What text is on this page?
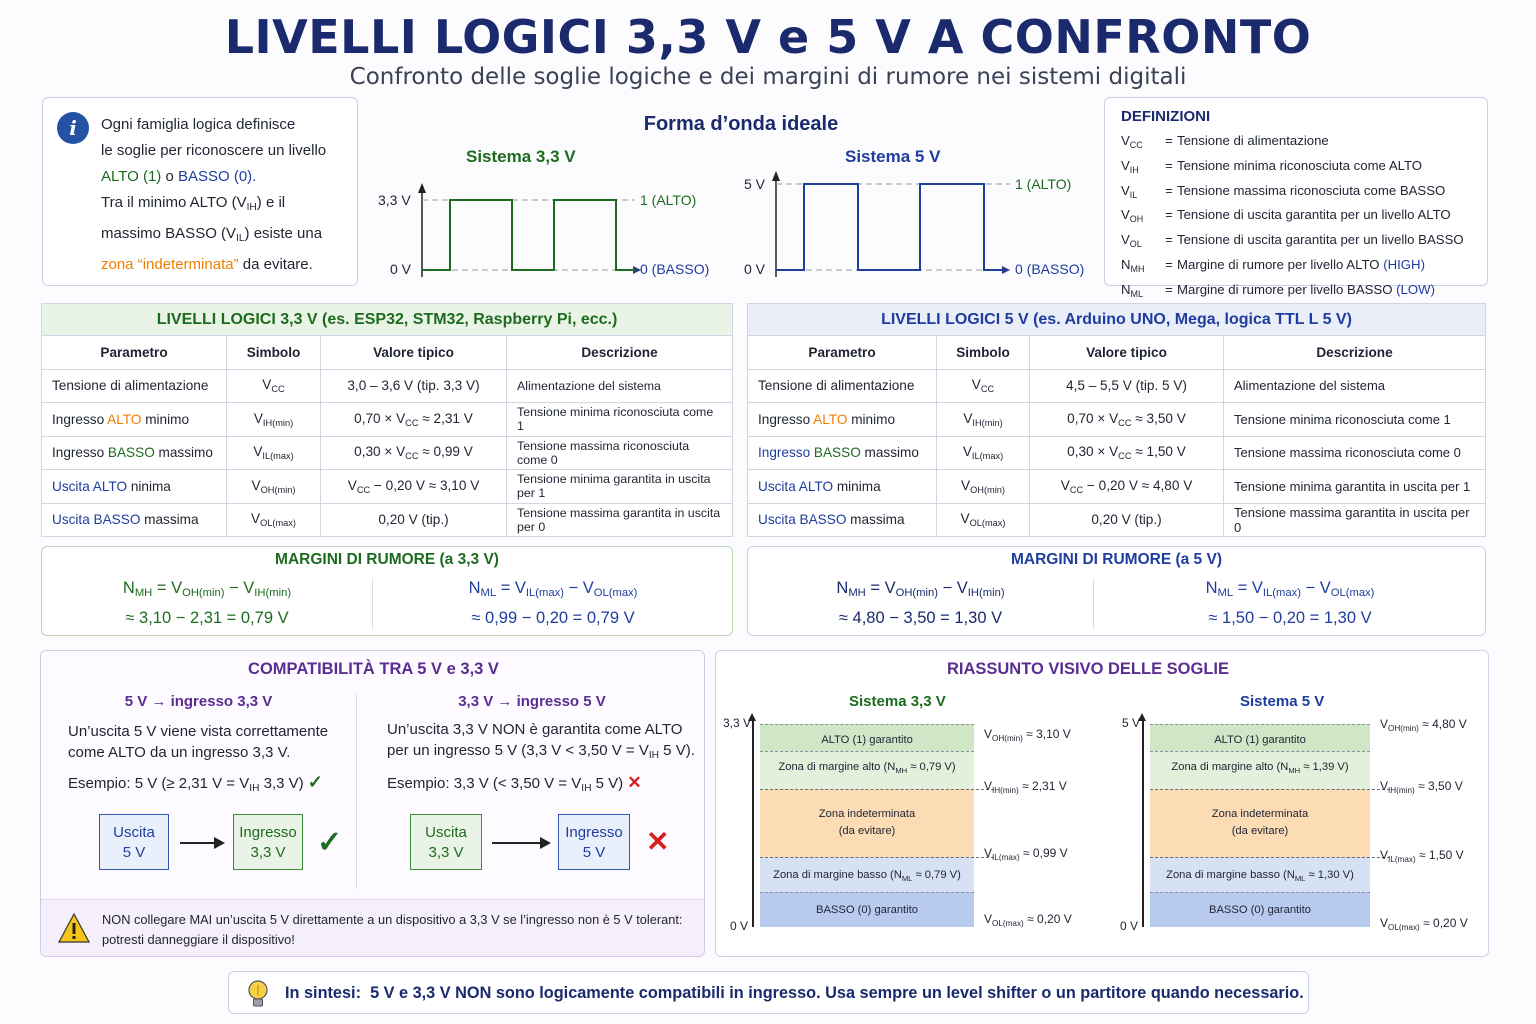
LIVELLI LOGICI 3,3 V e 5 V A CONFRONTO
Confronto delle soglie logiche e dei margini di rumore nei sistemi digitali
i	Ogni famiglia logica definisce
le soglie per riconoscere un livello
ALTO (1) o BASSO (0).
Tra il minimo ALTO $(V_{IH})$ e il
massimo BASSO $(V_{IL})$ esiste una
zona “indeterminata” da evitare.
Forma d’onda ideale
Sistema 3,3 V	Sistema 5 V
3,3 V
0 V
1 (ALTO)
0 (BASSO)
5 V
0 V
1 (ALTO)
0 (BASSO)
DEFINIZIONI
$V_{CC}$	= Tensione di alimentazione
$V_{IH}$	= Tensione minima riconosciuta come ALTO
$V_{IL}$	= Tensione massima riconosciuta come BASSO
$V_{OH}$	= Tensione di uscita garantita per un livello ALTO
$V_{OL}$	= Tensione di uscita garantita per un livello BASSO
$N_{MH}$	= Margine di rumore per livello ALTO (HIGH)
$N_{ML}$	= Margine di rumore per livello BASSO (LOW)
LIVELLI LOGICI 3,3 V (es. ESP32, STM32, Raspberry Pi, ecc.)			
Parametro	Simbolo	Valore tipico	Descrizione
Tensione di alimentazione	$V_{CC}$	3,0 – 3,6 V (tip. 3,3 V)	Alimentazione del sistema
Ingresso ALTO minimo	$V_{IH(min)}$	$0,70 \times V_{CC} \approx 2,31$ V	Tensione minima riconosciuta come 1
Ingresso BASSO massimo	$V_{IL(max)}$	$0,30 \times V_{CC} \approx 0,99$ V	Tensione massima riconosciuta come 0
Uscita ALTO ninima	$V_{OH(min)}$	$V_{CC} - 0,20$ V ≈ 3,10 V	Tensione minima garantita in uscita per 1
Uscita BASSO massima	$V_{OL(max)}$	0,20 V (tip.)	Tensione massima garantita in uscita per 0
LIVELLI LOGICI 5 V (es. Arduino UNO, Mega, logica TTL L 5 V)			
Parametro	Simbolo	Valore tipico	Descrizione
Tensione di alimentazione	$V_{CC}$	4,5 – 5,5 V (tip. 5 V)	Alimentazione del sistema
Ingresso ALTO minimo	$V_{IH(min)}$	$0,70 \times V_{CC} \approx 3,50$ V	Tensione minima riconosciuta come 1
Ingresso BASSO massimo	$V_{IL(max)}$	$0,30 \times V_{CC} \approx 1,50$ V	Tensione massima riconosciuta come 0
Uscita ALTO minima	$V_{OH(min)}$	$V_{CC} - 0,20$ V ≈ 4,80 V	Tensione minima garantita in uscita per 1
Uscita BASSO massima	$V_{OL(max)}$	0,20 V (tip.)	Tensione massima garantita in uscita per 0
MARGINI DI RUMORE (a 3,3 V)
$N_{MH} = V_{OH(min)} - V_{IH(min)}$
≈ 3,10 − 2,31 = 0,79 V
$N_{ML} = V_{IL(max)} - V_{OL(max)}$
≈ 0,99 − 0,20 = 0,79 V
MARGINI DI RUMORE (a 5 V)
$N_{MH} = V_{OH(min)} - V_{IH(min)}$
≈ 4,80 − 3,50 = 1,30 V
$N_{ML} = V_{IL(max)} - V_{OL(max)}$
≈ 1,50 − 0,20 = 1,30 V
COMPATIBILITÀ TRA 5 V e 3,3 V
5 V → ingresso 3,3 V
Un’uscita 5 V viene vista correttamente
come ALTO da un ingresso 3,3 V.
Esempio: 5 V (≥ 2,31 $V = V_{IH}$ 3,3 V) ✓
Uscita
5 V
Ingresso
3,3 V	✓
3,3 V → ingresso 5 V
Un’uscita 3,3 V NON è garantita come ALTO
per un ingresso 5 V (3,3 V < 3,50 $V = V_{IH}$ 5 V).
Esempio: 3,3 V (< 3,50 $V = V_{IH}$ 5 V) ✕
Uscita
3,3 V
Ingresso
5 V	✕
NON collegare MAI un’uscita 5 V direttamente a un dispositivo a 3,3 V se l’ingresso non è 5 V tolerant:
potresti danneggiare il dispositivo!
RIASSUNTO VISIVO DELLE SOGLIE
Sistema 3,3 V
3,3 V
0 V
ALTO (1) garantito
Zona di margine alto ($N_{MH} \approx 0,79$ V)
Zona indeterminata
(da evitare)
Zona di margine basso ($N_{ML} \approx 0,79$ V)
BASSO (0) garantito
$V_{OH(min)} \approx 3,10$ V
$V_{IH(min)} \approx 2,31$ V
$V_{IL(max)} \approx 0,99$ V
$V_{OL(max)} \approx 0,20$ V
Sistema 5 V
5 V
0 V
ALTO (1) garantito
Zona di margine alto ($N_{MH} \approx 1,39$ V)
Zona indeterminata
(da evitare)
Zona di margine basso ($N_{ML} \approx 1,30$ V)
BASSO (0) garantito
$V_{OH(min)} \approx 4,80$ V
$V_{IH(min)} \approx 3,50$ V
$V_{IL(max)} \approx 1,50$ V
$V_{OL(max)} \approx 0,20$ V
In sintesi: 5 V e 3,3 V NON sono logicamente compatibili in ingresso. Usa sempre un level shifter o un partitore quando necessario.
